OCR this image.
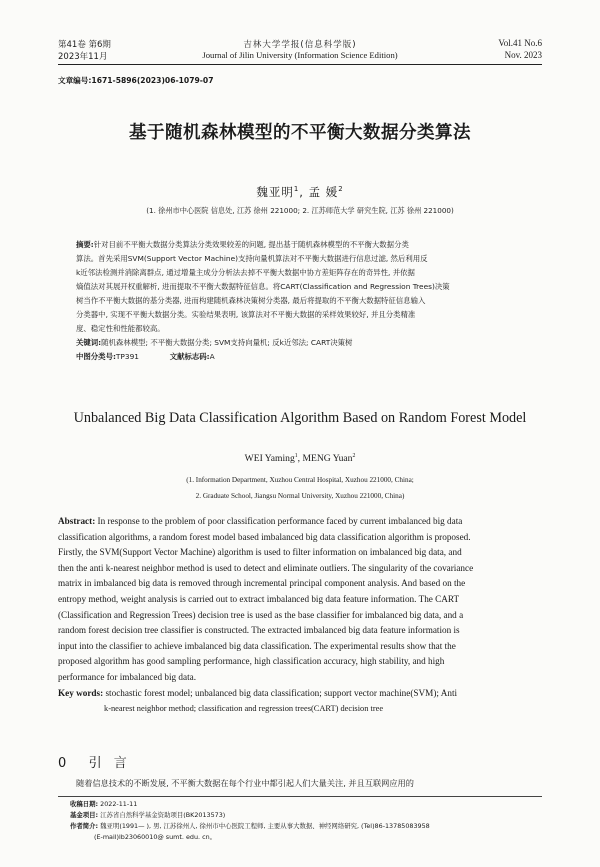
第41卷 第6期
2023年11月
吉林大学学报(信息科学版)
Journal of Jilin University (Information Science Edition)
Vol.41 No.6
Nov. 2023
文章编号:1671-5896(2023)06-1079-07
基于随机森林模型的不平衡大数据分类算法
魏亚明$^1$, 孟 媛$^2$
(1. 徐州市中心医院 信息处, 江苏 徐州 221000; 2. 江苏师范大学 研究生院, 江苏 徐州 221000)
摘要:针对目前不平衡大数据分类算法分类效果较差的问题, 提出基于随机森林模型的不平衡大数据分类
算法。首先采用SVM(Support Vector Machine)支持向量机算法对不平衡大数据进行信息过滤, 然后利用反
k近邻法检测并消除离群点, 通过增量主成分分析法去掉不平衡大数据中协方差矩阵存在的奇异性, 并依据
熵值法对其展开权重解析, 进而提取不平衡大数据特征信息。将CART(Classification and Regression Trees)决策
树当作不平衡大数据的基分类器, 进而构建随机森林决策树分类器, 最后将提取的不平衡大数据特征信息输入
分类器中, 实现不平衡大数据分类。实验结果表明, 该算法对不平衡大数据的采样效果较好, 并且分类精准
度、稳定性和性能都较高。
关键词:随机森林模型; 不平衡大数据分类; SVM支持向量机; 反k近邻法; CART决策树
中图分类号:TP391	文献标志码:A
Unbalanced Big Data Classification Algorithm Based on Random Forest Model
WEI Yaming$^1$, MENG Yuan$^2$
(1. Information Department, Xuzhou Central Hospital, Xuzhou 221000, China;
2. Graduate School, Jiangsu Normal University, Xuzhou 221000, China)
Abstract: In response to the problem of poor classification performance faced by current imbalanced big data
classification algorithms, a random forest model based imbalanced big data classification algorithm is proposed.
Firstly, the SVM(Support Vector Machine) algorithm is used to filter information on imbalanced big data, and
then the anti k-nearest neighbor method is used to detect and eliminate outliers. The singularity of the covariance
matrix in imbalanced big data is removed through incremental principal component analysis. And based on the
entropy method, weight analysis is carried out to extract imbalanced big data feature information. The CART
(Classification and Regression Trees) decision tree is used as the base classifier for imbalanced big data, and a
random forest decision tree classifier is constructed. The extracted imbalanced big data feature information is
input into the classifier to achieve imbalanced big data classification. The experimental results show that the
proposed algorithm has good sampling performance, high classification accuracy, high stability, and high
performance for imbalanced big data.
Key words: stochastic forest model; unbalanced big data classification; support vector machine(SVM); Anti
k-nearest neighbor method; classification and regression trees(CART) decision tree
0 引 言
随着信息技术的不断发展, 不平衡大数据在每个行业中都引起人们大量关注, 并且互联网应用的
收稿日期: 2022-11-11
基金项目: 江苏省自然科学基金资助项目(BK2013573)
作者简介: 魏亚明(1991— ), 男, 江苏徐州人, 徐州市中心医院工程师, 主要从事大数据、神经网络研究, (Tel)86-13785083958
(E-mail)lb23060010@ sumt. edu. cn。
